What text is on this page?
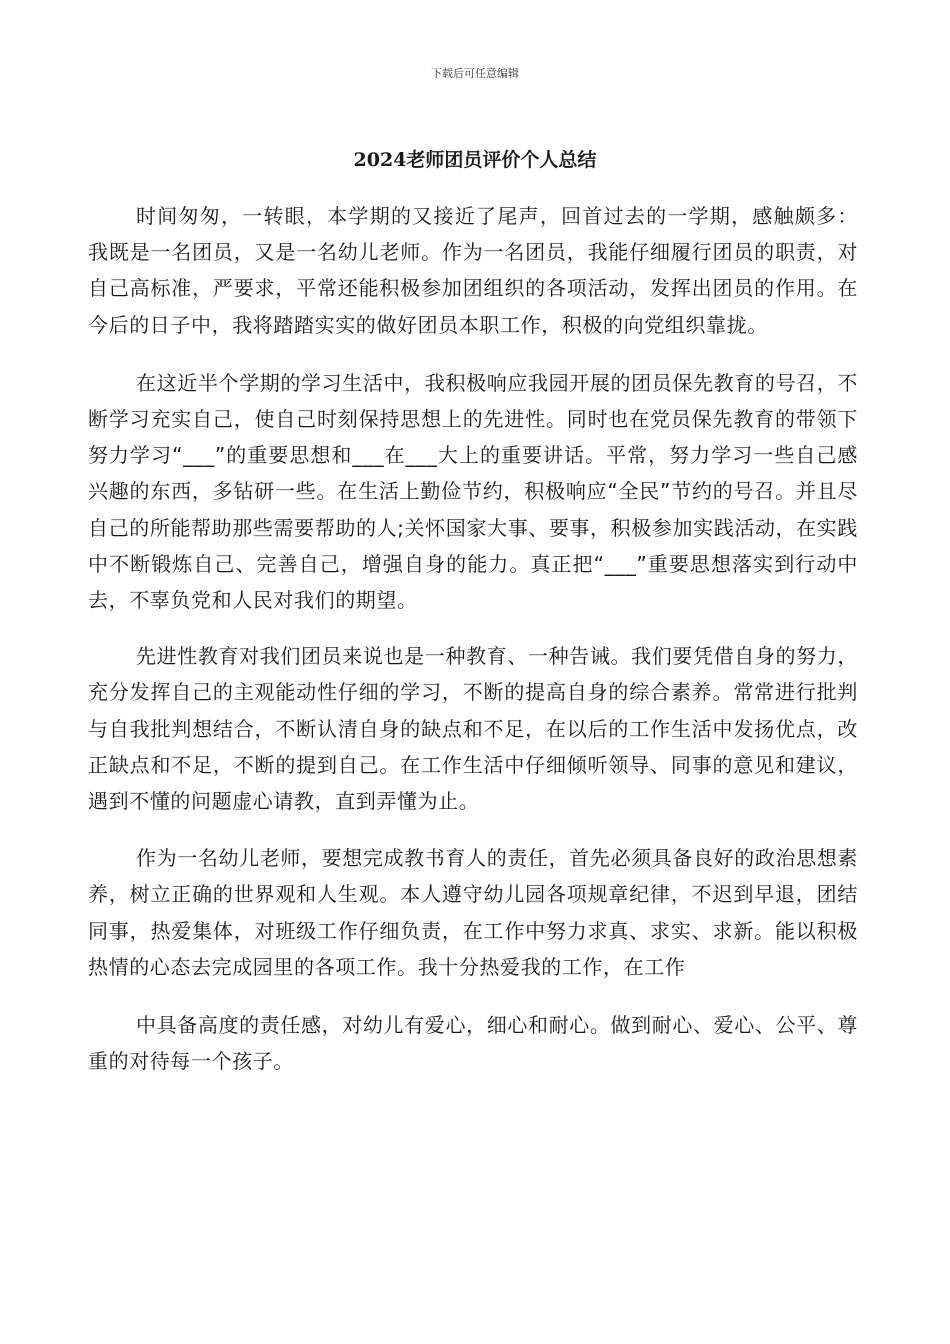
下载后可任意编辑
2024老师团员评价个人总结

时间匆匆，一转眼，本学期的又接近了尾声，回首过去的一学期，感触颇多： 我既是一名团员，又是一名幼儿老师。作为一名团员，我能仔细履行团员的职责，对自己高标准，严要求，平常还能积极参加团组织的各项活动，发挥出团员的作用。在今后的日子中，我将踏踏实实的做好团员本职工作，积极的向党组织靠拢。

在这近半个学期的学习生活中，我积极响应我园开展的团员保先教育的号召，不断学习充实自己，使自己时刻保持思想上的先进性。同时也在党员保先教育的带领下努力学习“___”的重要思想和___在___大上的重要讲话。平常，努力学习一些自己感兴趣的东西，多钻研一些。在生活上勤俭节约，积极响应“全民”节约的号召。并且尽自己的所能帮助那些需要帮助的人;关怀国家大事、要事，积极参加实践活动，在实践中不断锻炼自己、完善自己，增强自身的能力。真正把“___”重要思想落实到行动中去，不辜负党和人民对我们的期望。

先进性教育对我们团员来说也是一种教育、一种告诫。我们要凭借自身的努力，充分发挥自己的主观能动性仔细的学习，不断的提高自身的综合素养。常常进行批判与自我批判想结合，不断认清自身的缺点和不足，在以后的工作生活中发扬优点，改正缺点和不足，不断的提到自己。在工作生活中仔细倾听领导、同事的意见和建议，遇到不懂的问题虚心请教，直到弄懂为止。

作为一名幼儿老师，要想完成教书育人的责任，首先必须具备良好的政治思想素养，树立正确的世界观和人生观。本人遵守幼儿园各项规章纪律，不迟到早退，团结同事，热爱集体，对班级工作仔细负责，在工作中努力求真、求实、求新。能以积极热情的心态去完成园里的各项工作。我十分热爱我的工作，在工作

中具备高度的责任感，对幼儿有爱心，细心和耐心。做到耐心、爱心、公平、尊重的对待每一个孩子。
